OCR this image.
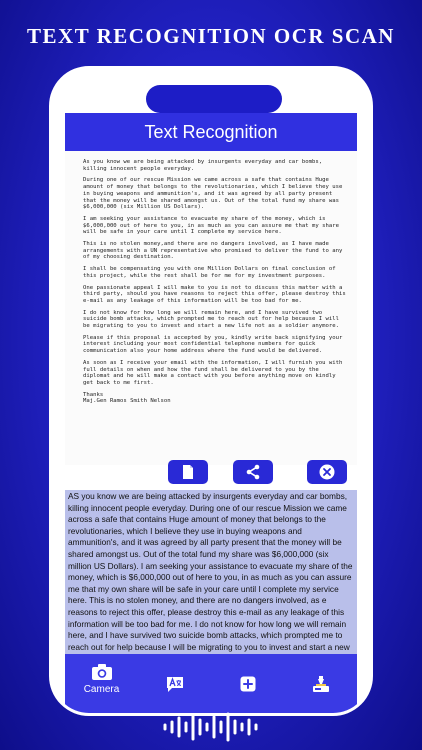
TEXT RECOGNITION OCR SCAN
Text Recognition

As you know we are being attacked by insurgents everyday and car bombs, killing innocent people everyday.

During one of our rescue Mission we came across a safe that contains Huge amount of money that belongs to the revolutionaries, which I believe they use in buying weapons and ammunition's, and it was agreed by all party present that the money will be shared amongst us. Out of the total fund my share was $6,000,000 (six Million US Dollars).

I am seeking your assistance to evacuate my share of the money, which is $6,000,000 out of here to you, in as much as you can assure me that my share will be safe in your care until I complete my service here.

This is no stolen money,and there are no dangers involved, as I have made arrangements with a UN representative who promised to deliver the fund to any of my choosing destination.

I shall be compensating you with one Million Dollars on final conclusion of this project, while the rest shall be for me for my investment purposes.

One passionate appeal I will make to you is not to discuss this matter with a third party, should you have reasons to reject this offer, please destroy this e-mail as any leakage of this information will be too bad for me.

I do not know for how long we will remain here, and I have survived two suicide bomb attacks, which prompted me to reach out for help because I will be migrating to you to invest and start a new life not as a soldier anymore.

Please if this proposal is accepted by you, kindly write back signifying your interest including your most confidential telephone numbers for quick communication also your home address where the fund would be delivered.

As soon as I receive your email with the information, I will furnish you with full details on when and how the fund shall be delivered to you by the diplomat and he will make a contact with you before anything move on kindly get back to me first.

Thanks

Maj.Gen Ramos Smith Nelson

AS you know we are being attacked by insurgents everyday and car bombs, killing innocent people everyday. During one of our rescue Mission we came across a safe that contains Huge amount of money that belongs to the revolutionaries, which I believe they use in buying weapons and ammunition's, and it was agreed by all party present that the money will be shared amongst us. Out of the total fund my share was $6,000,000 (six million US Dollars). I am seeking your assistance to evacuate my share of the money, which is $6,000,000 out of here to you, in as much as you can assure me that my own share will be safe in your care until I complete my service here. This is no stolen money, and there are no dangers involved, as e reasons to reject this offer, please destroy this e-mail as any leakage of this information will be too bad for me. I do not know for how long we will remain here, and I have survived two suicide bomb attacks, which prompted me to reach out for help because I will be migrating to you to invest and start a new

Camera
